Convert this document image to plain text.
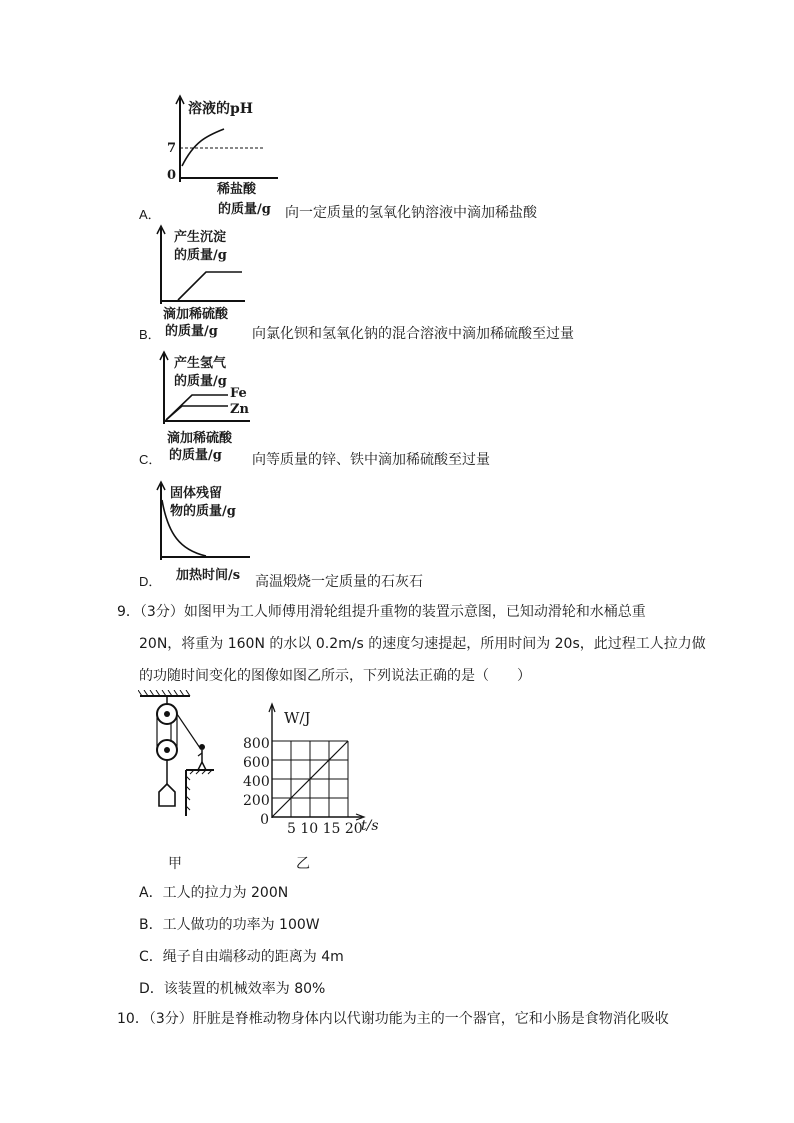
A．
溶液的pH
7
0
稀盐酸
的质量/g 向一定质量的氢氧化钠溶液中滴加稀盐酸
B．
产生沉淀
的质量/g
滴加稀硫酸
的质量/g 向氯化钡和氢氧化钠的混合溶液中滴加稀硫酸至过量
C．
产生氢气
的质量/g
Fe
Zn
滴加稀硫酸
的质量/g 向等质量的锌、铁中滴加稀硫酸至过量
D．
固体残留
物的质量/g
加热时间/s 高温煅烧一定质量的石灰石
9．（3分）如图甲为工人师傅用滑轮组提升重物的装置示意图，已知动滑轮和水桶总重
20N，将重为 160N 的水以 0.2m/s 的速度匀速提起，所用时间为 20s，此过程工人拉力做
的功随时间变化的图像如图乙所示，下列说法正确的是（　　）
W/J
800
600
400
200
0
5 10 15 20
t/s
甲	乙
A．工人的拉力为 200N
B．工人做功的功率为 100W
C．绳子自由端移动的距离为 4m
D．该装置的机械效率为 80%
10．（3分）肝脏是脊椎动物身体内以代谢功能为主的一个器官，它和小肠是食物消化吸收
